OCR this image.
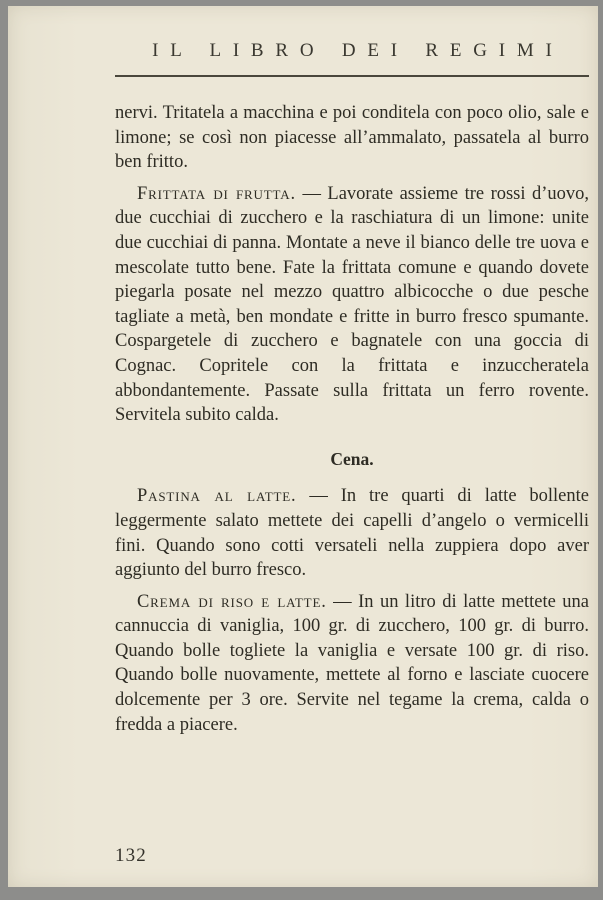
IL LIBRO DEI REGIMI

nervi. Tritatela a macchina e poi conditela con poco olio, sale e limone; se così non piacesse all’ammalato, passatela al burro ben fritto.

Frittata di frutta. — Lavorate assieme tre rossi d’uovo, due cucchiai di zucchero e la raschiatura di un limone: unite due cucchiai di panna. Montate a neve il bianco delle tre uova e mescolate tutto bene. Fate la frittata comune e quando dovete piegarla posate nel mezzo quattro albicocche o due pesche tagliate a metà, ben mondate e fritte in burro fresco spumante. Cospargetele di zucchero e bagnatele con una goccia di Cognac. Copritele con la frittata e inzuccheratela abbondantemente. Passate sulla frittata un ferro rovente. Servitela subito calda.

Cena.

Pastina al latte. — In tre quarti di latte bollente leggermente salato mettete dei capelli d’angelo o vermicelli fini. Quando sono cotti versateli nella zuppiera dopo aver aggiunto del burro fresco.

Crema di riso e latte. — In un litro di latte mettete una cannuccia di vaniglia, 100 gr. di zucchero, 100 gr. di burro. Quando bolle togliete la vaniglia e versate 100 gr. di riso. Quando bolle nuovamente, mettete al forno e lasciate cuocere dolcemente per 3 ore. Servite nel tegame la crema, calda o fredda a piacere.

132
